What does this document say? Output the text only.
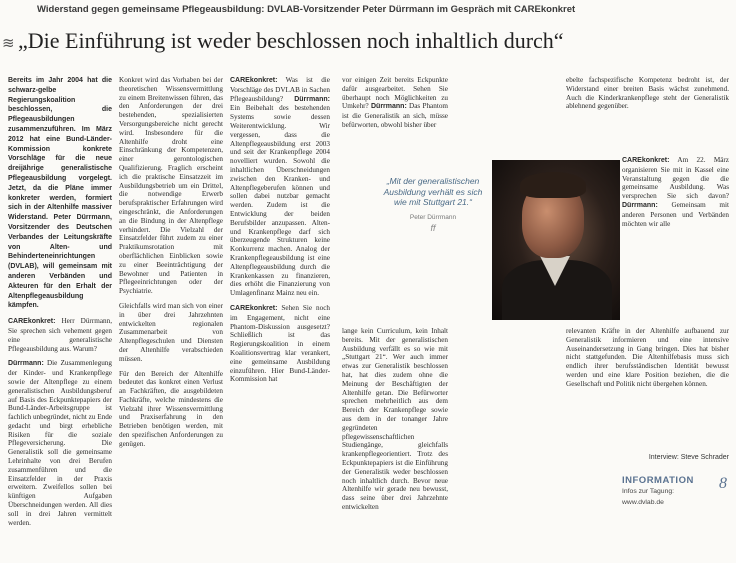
Widerstand gegen gemeinsame Pflegeausbildung: DVLAB-Vorsitzender Peter Dürrmann im Gespräch mit CAREkonkret
≋ „Die Einführung ist weder beschlossen noch inhaltlich durch“

Bereits im Jahr 2004 hat die schwarz-gelbe Regierungskoalition beschlossen, die Pflegeausbildungen zusammenzuführen. Im März 2012 hat eine Bund-Länder-Kommission konkrete Vorschläge für die neue dreijährige generalistische Pflegeausbildung vorgelegt. Jetzt, da die Pläne immer konkreter werden, formiert sich in der Altenhilfe massiver Widerstand. Peter Dürrmann, Vorsitzender des Deutschen Verbandes der Leitungskräfte von Alten- und Behinderteneinrichtungen (DVLAB), will gemeinsam mit anderen Verbänden und Akteuren für den Erhalt der Altenpflegeausbildung kämpfen.

CAREkonkret: Herr Dürrmann, Sie sprechen sich vehement gegen eine generalistische Pflegeausbildung aus. Warum?

Dürrmann: Die Zusammenlegung der Kinder- und Krankenpflege sowie der Altenpflege zu einem generalistischen Ausbildungsberuf auf Basis des Eckpunktepapiers der Bund-Länder-Arbeitsgruppe ist fachlich unbegründet, nicht zu Ende gedacht und birgt erhebliche Risiken für die soziale Pflegeversicherung. Die Generalistik soll die gemeinsame Lehrinhalte von drei Berufen zusammenführen und die Einsatzfelder in der Praxis erweitern. Zweifellos sollen bei künftigen Aufgaben Überschneidungen werden. All dies soll in drei Jahren vermittelt werden.

Konkret wird das Vorhaben bei der theoretischen Wissensvermittlung zu einem Breitenwissen führen, das den Anforderungen der drei bestehenden, spezialisierten Versorgungsbereiche nicht gerecht wird. Insbesondere für die Altenhilfe droht eine Einschränkung der Kompetenzen, einer gerontologischen Qualifizierung. Fraglich erscheint ich die praktische Einsatzzeit im Ausbildungsbetrieb um ein Drittel, die notwendige Erwerb berufspraktischer Erfahrungen wird eingeschränkt, die Anforderungen an die Bindung in der Altenpflege verhindert. Die Vielzahl der Einsatzfelder führt zudem zu einer Praktikumsrotation mit oberflächlichen Einblicken sowie zu einer Beeinträchtigung der Bewohner und Patienten in Pflegeeinrichtungen oder der Psychiatrie.

Gleichfalls wird man sich von einer in über drei Jahrzehnten entwickelten regionalen Zusammenarbeit von Altenpflegeschulen und Diensten der Altenhilfe verabschieden müssen.

Für den Bereich der Altenhilfe bedeutet das konkret einen Verlust an Fachkräften, die ausgebildeten Fachkräfte, welche mindestens die Vielzahl ihrer Wissensvermittlung und Praxiserfahrung in den Betrieben benötigen werden, mit den spezifischen Anforderungen zu genügen.

CAREkonkret: Was ist die Vorschläge des DVLAB in Sachen Pflegeausbildung? Dürrmann: Ein Beibehalt des bestehenden Systems sowie dessen Weiterentwicklung. Wir vergessen, dass die Altenpflegeausbildung erst 2003 und seit der Krankenpflege 2004 novelliert wurden. Sowohl die inhaltlichen Überschneidungen zwischen den Kranken- und Altenpflegeberufen können und sollen dabei nutzbar gemacht werden. Zudem ist die Entwicklung der beiden Berufsbilder anzupassen. Alten- und Krankenpflege darf sich überzeugende Strukturen keine Konkurrenz machen. Analog der Krankenpflegeausbildung ist eine Altenpflegeausbildung durch die Krankenkassen zu finanzieren, dies erhöht die Finanzierung von Umlagenfinanz Mainz neu ein.

CAREkonkret: Sehen Sie noch im Engagement, nicht eine Phantom-Diskussion ausgesetzt? Schließlich ist das Regierungskoalition in einem Koalitionsvertrag klar verankert, eine gemeinsame Ausbildung einzuführen. Hier Bund-Länder-Kommission hat

vor einigen Zeit bereits Eckpunkte dafür ausgearbeitet. Sehen Sie überhaupt noch Möglichkeiten zu Umkehr? Dürrmann: Das Phantom ist die Generalistik an sich, müsse befürworten, obwohl bisher über
„Mit der generalistischen Ausbildung verhält es sich wie mit Stuttgart 21.“
Peter Dürrmann
ff
lange kein Curriculum, kein Inhalt bereits. Mit der generalistischen Ausbildung verfällt es so wie mit „Stuttgart 21“. Wer auch immer etwas zur Generalistik beschlossen hat, hat dies zudem ohne die Meinung der Beschäftigten der Altenhilfe getan. Die Befürworter sprechen mehrheitlich aus dem Bereich der Krankenpflege sowie aus dem in der tonanger Jahre gegründeten pflegewissenschaftlichen Studiengänge, gleichfalls krankenpflegeorientiert. Trotz des Eckpunktepapiers ist die Einführung der Generalistik weder beschlossen noch inhaltlich durch. Bevor neue Altenhilfe wir gerade neu bewusst, dass seine über drei Jahrzehnte entwickelten
ebelte fachspezifische Kompetenz bedroht ist, der Widerstand einer breiten Basis wächst zunehmend. Auch die Kinderkrankenpflege steht der Generalistik ablehnend gegenüber.
CAREkonkret: Am 22. März organisieren Sie mit in Kassel eine Veranstaltung gegen die die gemeinsame Ausbildung. Was versprechen Sie sich davon? Dürrmann: Gemeinsam mit anderen Personen und Verbänden möchten wir alle
relevanten Kräfte in der Altenhilfe aufbauend zur Generalistik informieren und eine intensive Auseinandersetzung in Gang bringen. Dies hat bisher nicht stattgefunden. Die Altenhilfebasis muss sich endlich ihrer berufsständischen Identität bewusst werden und eine klare Position beziehen, die die Gesellschaft und Politik nicht übergehen können.
Interview: Steve Schrader
INFORMATION	8
Infos zur Tagung:
www.dvlab.de
